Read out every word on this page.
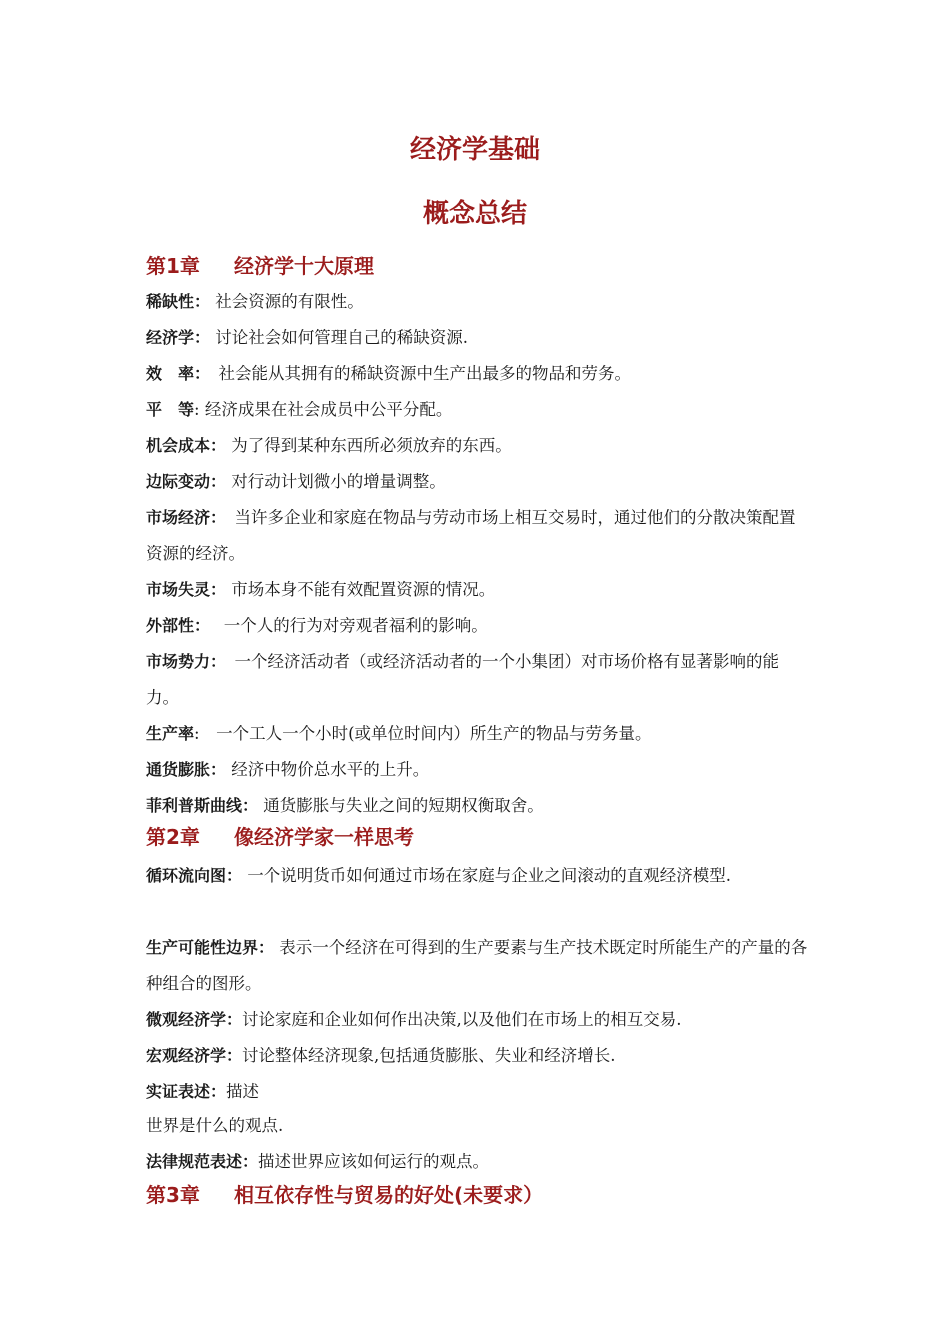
经济学基础
概念总结
第1章 经济学十大原理
稀缺性： 社会资源的有限性。
经济学： 讨论社会如何管理自己的稀缺资源.
效　率：　社会能从其拥有的稀缺资源中生产出最多的物品和劳务。
平　等: 经济成果在社会成员中公平分配。
机会成本： 为了得到某种东西所必须放弃的东西。
边际变动： 对行动计划微小的增量调整。
市场经济：　当许多企业和家庭在物品与劳动市场上相互交易时，通过他们的分散决策配置资源的经济。
市场失灵： 市场本身不能有效配置资源的情况。
外部性：　 一个人的行为对旁观者福利的影响。
市场势力：　一个经济活动者（或经济活动者的一个小集团）对市场价格有显著影响的能力。
生产率:　一个工人一个小时(或单位时间内）所生产的物品与劳务量。
通货膨胀： 经济中物价总水平的上升。
菲利普斯曲线： 通货膨胀与失业之间的短期权衡取舍。
第2章 像经济学家一样思考
循环流向图： 一个说明货币如何通过市场在家庭与企业之间滚动的直观经济模型.
生产可能性边界： 表示一个经济在可得到的生产要素与生产技术既定时所能生产的产量的各种组合的图形。
微观经济学：讨论家庭和企业如何作出决策,以及他们在市场上的相互交易.
宏观经济学：讨论整体经济现象,包括通货膨胀、失业和经济增长.
实证表述：描述
世界是什么的观点.
法律规范表述：描述世界应该如何运行的观点。
第3章 相互依存性与贸易的好处(未要求）
